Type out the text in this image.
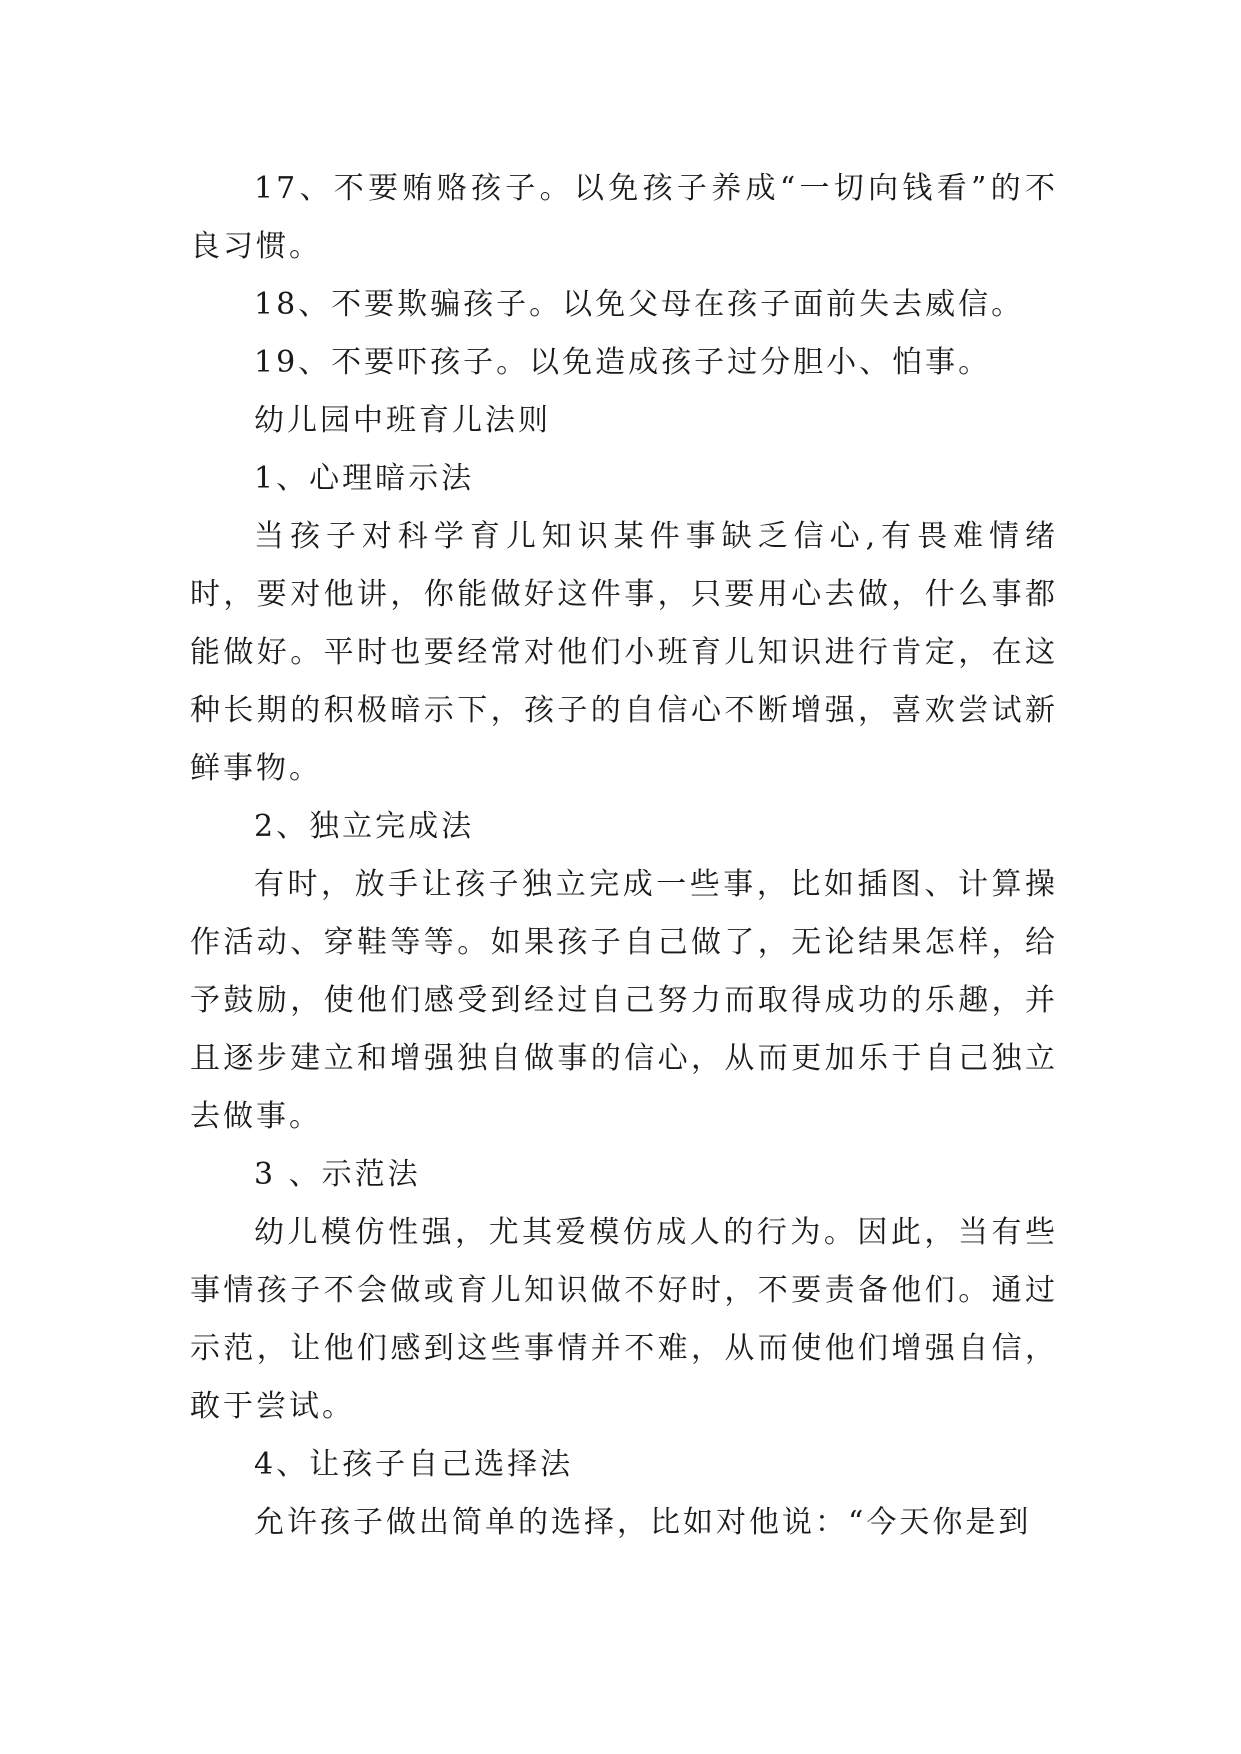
17、不要贿赂孩子。以免孩子养成“一切向钱看”的不良习惯。

18、不要欺骗孩子。以免父母在孩子面前失去威信。

19、不要吓孩子。以免造成孩子过分胆小、怕事。

幼儿园中班育儿法则

1、心理暗示法

当孩子对科学育儿知识某件事缺乏信心,有畏难情绪时，要对他讲，你能做好这件事，只要用心去做，什么事都能做好。平时也要经常对他们小班育儿知识进行肯定，在这种长期的积极暗示下，孩子的自信心不断增强，喜欢尝试新鲜事物。

2、独立完成法

有时，放手让孩子独立完成一些事，比如插图、计算操作活动、穿鞋等等。如果孩子自己做了，无论结果怎样，给予鼓励，使他们感受到经过自己努力而取得成功的乐趣，并且逐步建立和增强独自做事的信心，从而更加乐于自己独立去做事。

3 、示范法

幼儿模仿性强，尤其爱模仿成人的行为。因此，当有些事情孩子不会做或育儿知识做不好时，不要责备他们。通过示范，让他们感到这些事情并不难，从而使他们增强自信，敢于尝试。

4、让孩子自己选择法

允许孩子做出简单的选择，比如对他说：“今天你是到
